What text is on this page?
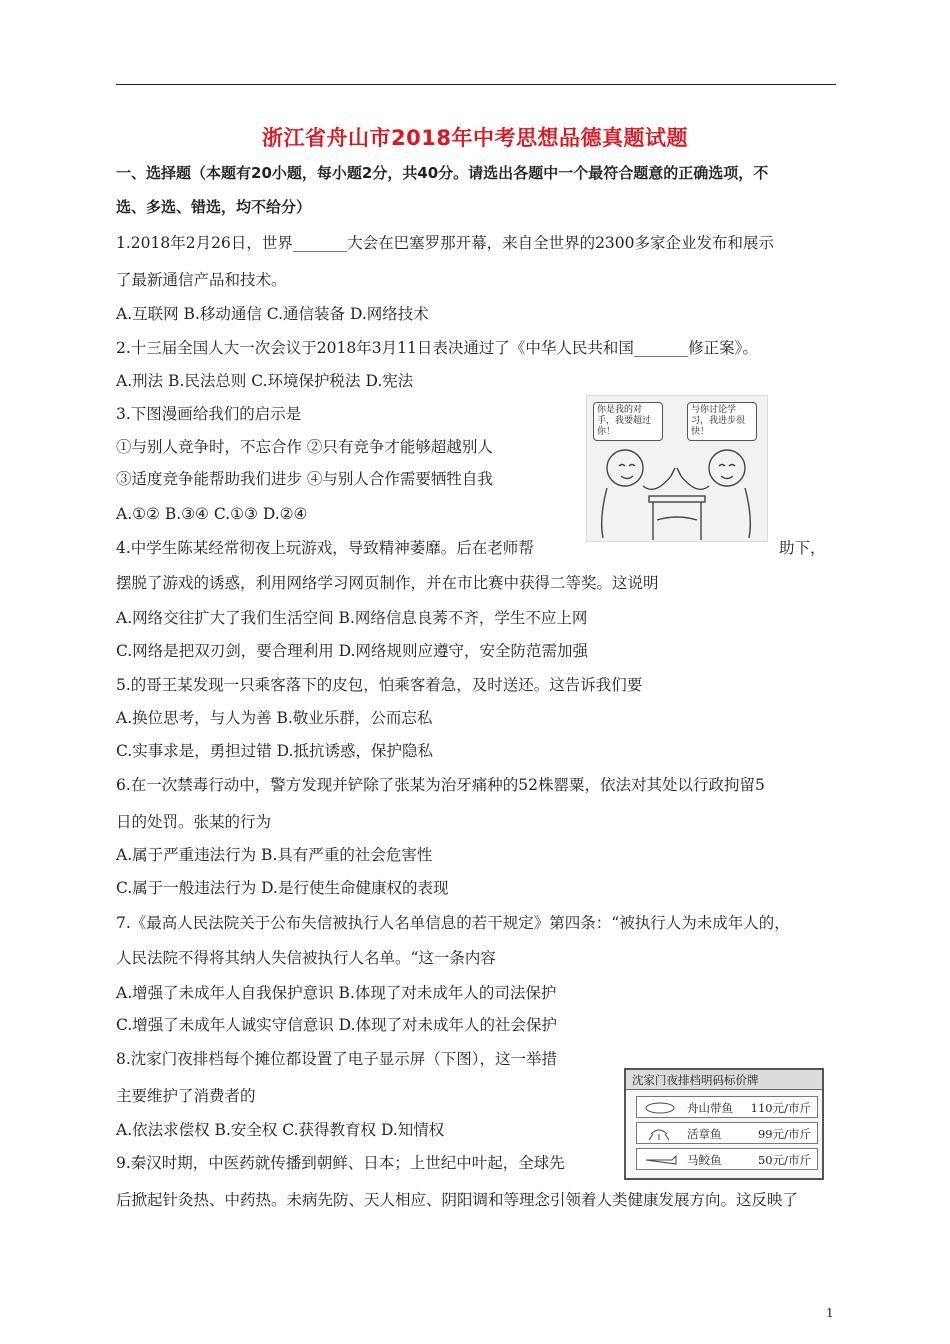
浙江省舟山市2018年中考思想品德真题试题
一、选择题（本题有20小题，每小题2分，共40分。请选出各题中一个最符合题意的正确选项，不
选、多选、错选，均不给分）
1.2018年2月26日，世界_______大会在巴塞罗那开幕，来自全世界的2300多家企业发布和展示
了最新通信产品和技术。
A.互联网 B.移动通信 C.通信装备 D.网络技术
2.十三届全国人大一次会议于2018年3月11日表决通过了《中华人民共和国_______修正案》。
A.刑法 B.民法总则 C.环境保护税法 D.宪法
3.下图漫画给我们的启示是
①与别人竞争时，不忘合作 ②只有竞争才能够超越别人
③适度竞争能帮助我们进步 ④与别人合作需要牺牲自我
A.①② B.③④ C.①③ D.②④
你是我的对手，我要超过你！
与你讨论学习，我进步很快！
4.中学生陈某经常彻夜上玩游戏，导致精神萎靡。后在老师帮	助下，
摆脱了游戏的诱惑，利用网络学习网页制作，并在市比赛中获得二等奖。这说明
A.网络交往扩大了我们生活空间 B.网络信息良莠不齐，学生不应上网
C.网络是把双刃剑，要合理利用 D.网络规则应遵守，安全防范需加强
5.的哥王某发现一只乘客落下的皮包，怕乘客着急，及时送还。这告诉我们要
A.换位思考，与人为善 B.敬业乐群，公而忘私
C.实事求是，勇担过错 D.抵抗诱惑，保护隐私
6.在一次禁毒行动中，警方发现并铲除了张某为治牙痛种的52株罂粟，依法对其处以行政拘留5
日的处罚。张某的行为
A.属于严重违法行为 B.具有严重的社会危害性
C.属于一般违法行为 D.是行使生命健康权的表现
7.《最高人民法院关于公布失信被执行人名单信息的若干规定》第四条：“被执行人为未成年人的，
人民法院不得将其纳人失信被执行人名单。“这一条内容
A.增强了未成年人自我保护意识 B.体现了对未成年人的司法保护
C.增强了未成年人诚实守信意识 D.体现了对未成年人的社会保护
8.沈家门夜排档每个摊位都设置了电子显示屏（下图），这一举措
主要维护了消费者的
A.依法求偿权 B.安全权 C.获得教育权 D.知情权
沈家门夜排档明码标价牌
舟山带鱼 110元/市斤
活章鱼	99元/市斤
马鲛鱼	50元/市斤
9.秦汉时期，中医药就传播到朝鲜、日本；上世纪中叶起，全球先
后掀起针灸热、中药热。未病先防、天人相应、阴阳调和等理念引领着人类健康发展方向。这反映了
1
